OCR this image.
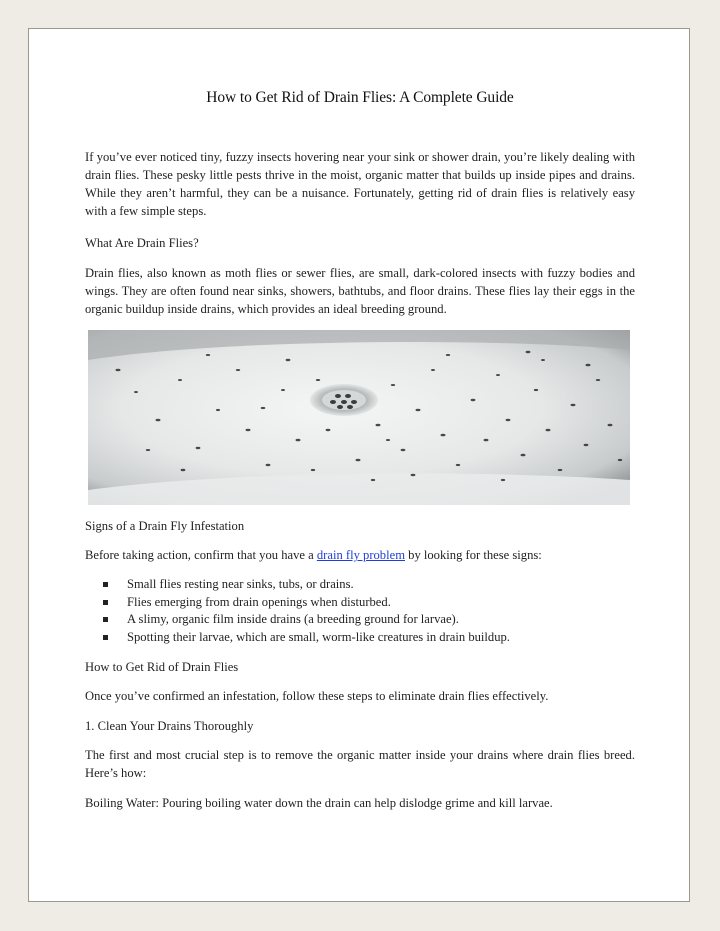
How to Get Rid of Drain Flies: A Complete Guide

If you’ve ever noticed tiny, fuzzy insects hovering near your sink or shower drain, you’re likely dealing with drain flies. These pesky little pests thrive in the moist, organic matter that builds up inside pipes and drains. While they aren’t harmful, they can be a nuisance. Fortunately, getting rid of drain flies is relatively easy with a few simple steps.

What Are Drain Flies?

Drain flies, also known as moth flies or sewer flies, are small, dark-colored insects with fuzzy bodies and wings. They are often found near sinks, showers, bathtubs, and floor drains. These flies lay their eggs in the organic buildup inside drains, which provides an ideal breeding ground.

Signs of a Drain Fly Infestation

Before taking action, confirm that you have a drain fly problem by looking for these signs:

Small flies resting near sinks, tubs, or drains.
Flies emerging from drain openings when disturbed.
A slimy, organic film inside drains (a breeding ground for larvae).
Spotting their larvae, which are small, worm-like creatures in drain buildup.
How to Get Rid of Drain Flies

Once you’ve confirmed an infestation, follow these steps to eliminate drain flies effectively.

1. Clean Your Drains Thoroughly

The first and most crucial step is to remove the organic matter inside your drains where drain flies breed. Here’s how:

Boiling Water: Pouring boiling water down the drain can help dislodge grime and kill larvae.
